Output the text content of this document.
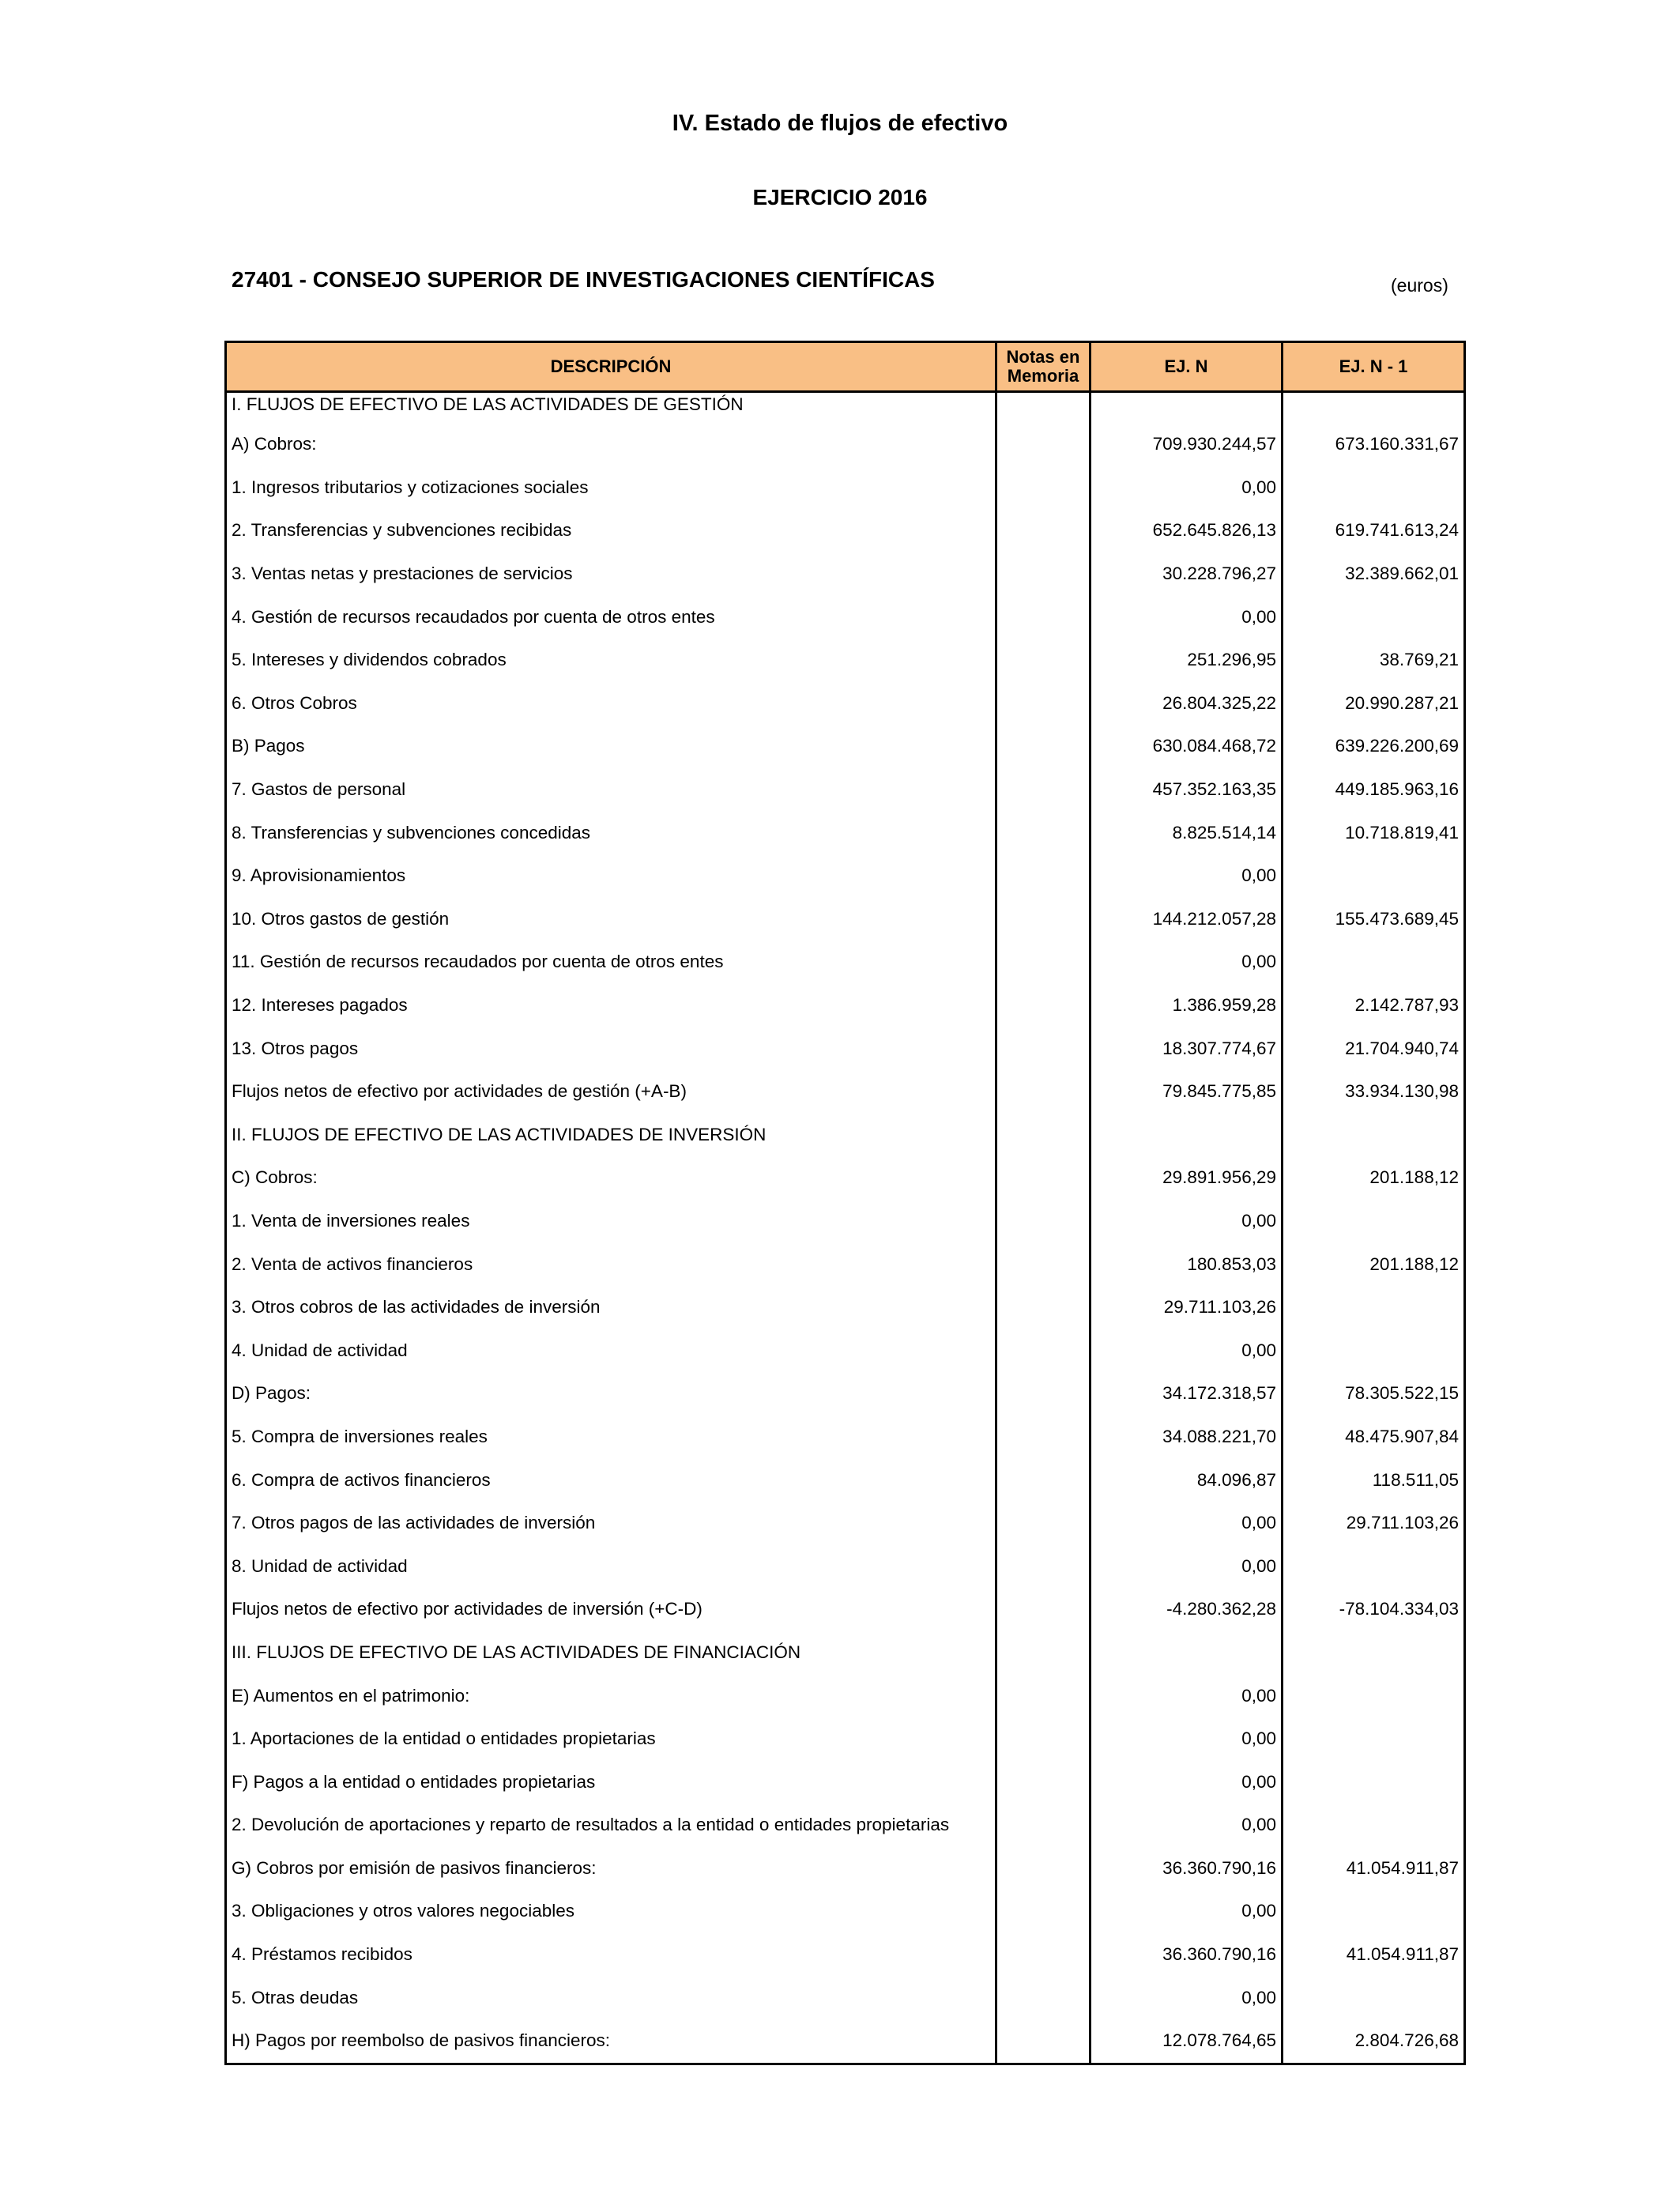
IV. Estado de flujos de efectivo
EJERCICIO 2016
27401 - CONSEJO SUPERIOR DE INVESTIGACIONES CIENTÍFICAS	(euros)
DESCRIPCIÓN	Notas en Memoria	EJ. N	EJ. N - 1
I. FLUJOS DE EFECTIVO DE LAS ACTIVIDADES DE GESTIÓN			
A) Cobros:		709.930.244,57	673.160.331,67
1. Ingresos tributarios y cotizaciones sociales		0,00	
2. Transferencias y subvenciones recibidas		652.645.826,13	619.741.613,24
3. Ventas netas y prestaciones de servicios		30.228.796,27	32.389.662,01
4. Gestión de recursos recaudados por cuenta de otros entes		0,00	
5. Intereses y dividendos cobrados		251.296,95	38.769,21
6. Otros Cobros		26.804.325,22	20.990.287,21
B) Pagos		630.084.468,72	639.226.200,69
7. Gastos de personal		457.352.163,35	449.185.963,16
8. Transferencias y subvenciones concedidas		8.825.514,14	10.718.819,41
9. Aprovisionamientos		0,00	
10. Otros gastos de gestión		144.212.057,28	155.473.689,45
11. Gestión de recursos recaudados por cuenta de otros entes		0,00	
12. Intereses pagados		1.386.959,28	2.142.787,93
13. Otros pagos		18.307.774,67	21.704.940,74
Flujos netos de efectivo por actividades de gestión (+A-B)		79.845.775,85	33.934.130,98
II. FLUJOS DE EFECTIVO DE LAS ACTIVIDADES DE INVERSIÓN			
C) Cobros:		29.891.956,29	201.188,12
1. Venta de inversiones reales		0,00	
2. Venta de activos financieros		180.853,03	201.188,12
3. Otros cobros de las actividades de inversión		29.711.103,26	
4. Unidad de actividad		0,00	
D) Pagos:		34.172.318,57	78.305.522,15
5. Compra de inversiones reales		34.088.221,70	48.475.907,84
6. Compra de activos financieros		84.096,87	118.511,05
7. Otros pagos de las actividades de inversión		0,00	29.711.103,26
8. Unidad de actividad		0,00	
Flujos netos de efectivo por actividades de inversión (+C-D)		-4.280.362,28	-78.104.334,03
III. FLUJOS DE EFECTIVO DE LAS ACTIVIDADES DE FINANCIACIÓN			
E) Aumentos en el patrimonio:		0,00	
1. Aportaciones de la entidad o entidades propietarias		0,00	
F) Pagos a la entidad o entidades propietarias		0,00	
2. Devolución de aportaciones y reparto de resultados a la entidad o entidades propietarias		0,00	
G) Cobros por emisión de pasivos financieros:		36.360.790,16	41.054.911,87
3. Obligaciones y otros valores negociables		0,00	
4. Préstamos recibidos		36.360.790,16	41.054.911,87
5. Otras deudas		0,00	
H) Pagos por reembolso de pasivos financieros:		12.078.764,65	2.804.726,68
